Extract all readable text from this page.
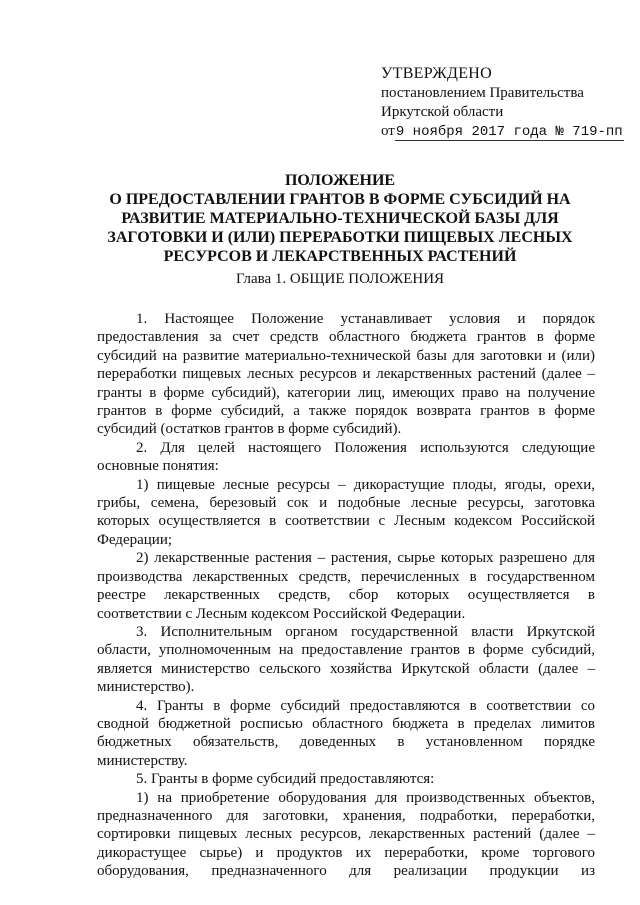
УТВЕРЖДЕНО
постановлением Правительства
Иркутской области
от9 ноября 2017 года № 719-пп
ПОЛОЖЕНИЕ
О ПРЕДОСТАВЛЕНИИ ГРАНТОВ В ФОРМЕ СУБСИДИЙ НА
РАЗВИТИЕ МАТЕРИАЛЬНО-ТЕХНИЧЕСКОЙ БАЗЫ ДЛЯ
ЗАГОТОВКИ И (ИЛИ) ПЕРЕРАБОТКИ ПИЩЕВЫХ ЛЕСНЫХ
РЕСУРСОВ И ЛЕКАРСТВЕННЫХ РАСТЕНИЙ
Глава 1. ОБЩИЕ ПОЛОЖЕНИЯ

1. Настоящее Положение устанавливает условия и порядок предоставления за счет средств областного бюджета грантов в форме субсидий на развитие материально-технической базы для заготовки и (или) переработки пищевых лесных ресурсов и лекарственных растений (далее – гранты в форме субсидий), категории лиц, имеющих право на получение грантов в форме субсидий, а также порядок возврата грантов в форме субсидий (остатков грантов в форме субсидий).

2. Для целей настоящего Положения используются следующие основные понятия:

1) пищевые лесные ресурсы – дикорастущие плоды, ягоды, орехи, грибы, семена, березовый сок и подобные лесные ресурсы, заготовка которых осуществляется в соответствии с Лесным кодексом Российской Федерации;

2) лекарственные растения – растения, сырье которых разрешено для производства лекарственных средств, перечисленных в государственном реестре лекарственных средств, сбор которых осуществляется в соответствии с Лесным кодексом Российской Федерации.

3. Исполнительным органом государственной власти Иркутской области, уполномоченным на предоставление грантов в форме субсидий, является министерство сельского хозяйства Иркутской области (далее – министерство).

4. Гранты в форме субсидий предоставляются в соответствии со сводной бюджетной росписью областного бюджета в пределах лимитов бюджетных обязательств, доведенных в установленном порядке министерству.

5. Гранты в форме субсидий предоставляются:

1) на приобретение оборудования для производственных объектов, предназначенного для заготовки, хранения, подработки, переработки, сортировки пищевых лесных ресурсов, лекарственных растений (далее – дикорастущее сырье) и продуктов их переработки, кроме торгового оборудования, предназначенного для реализации продукции из
